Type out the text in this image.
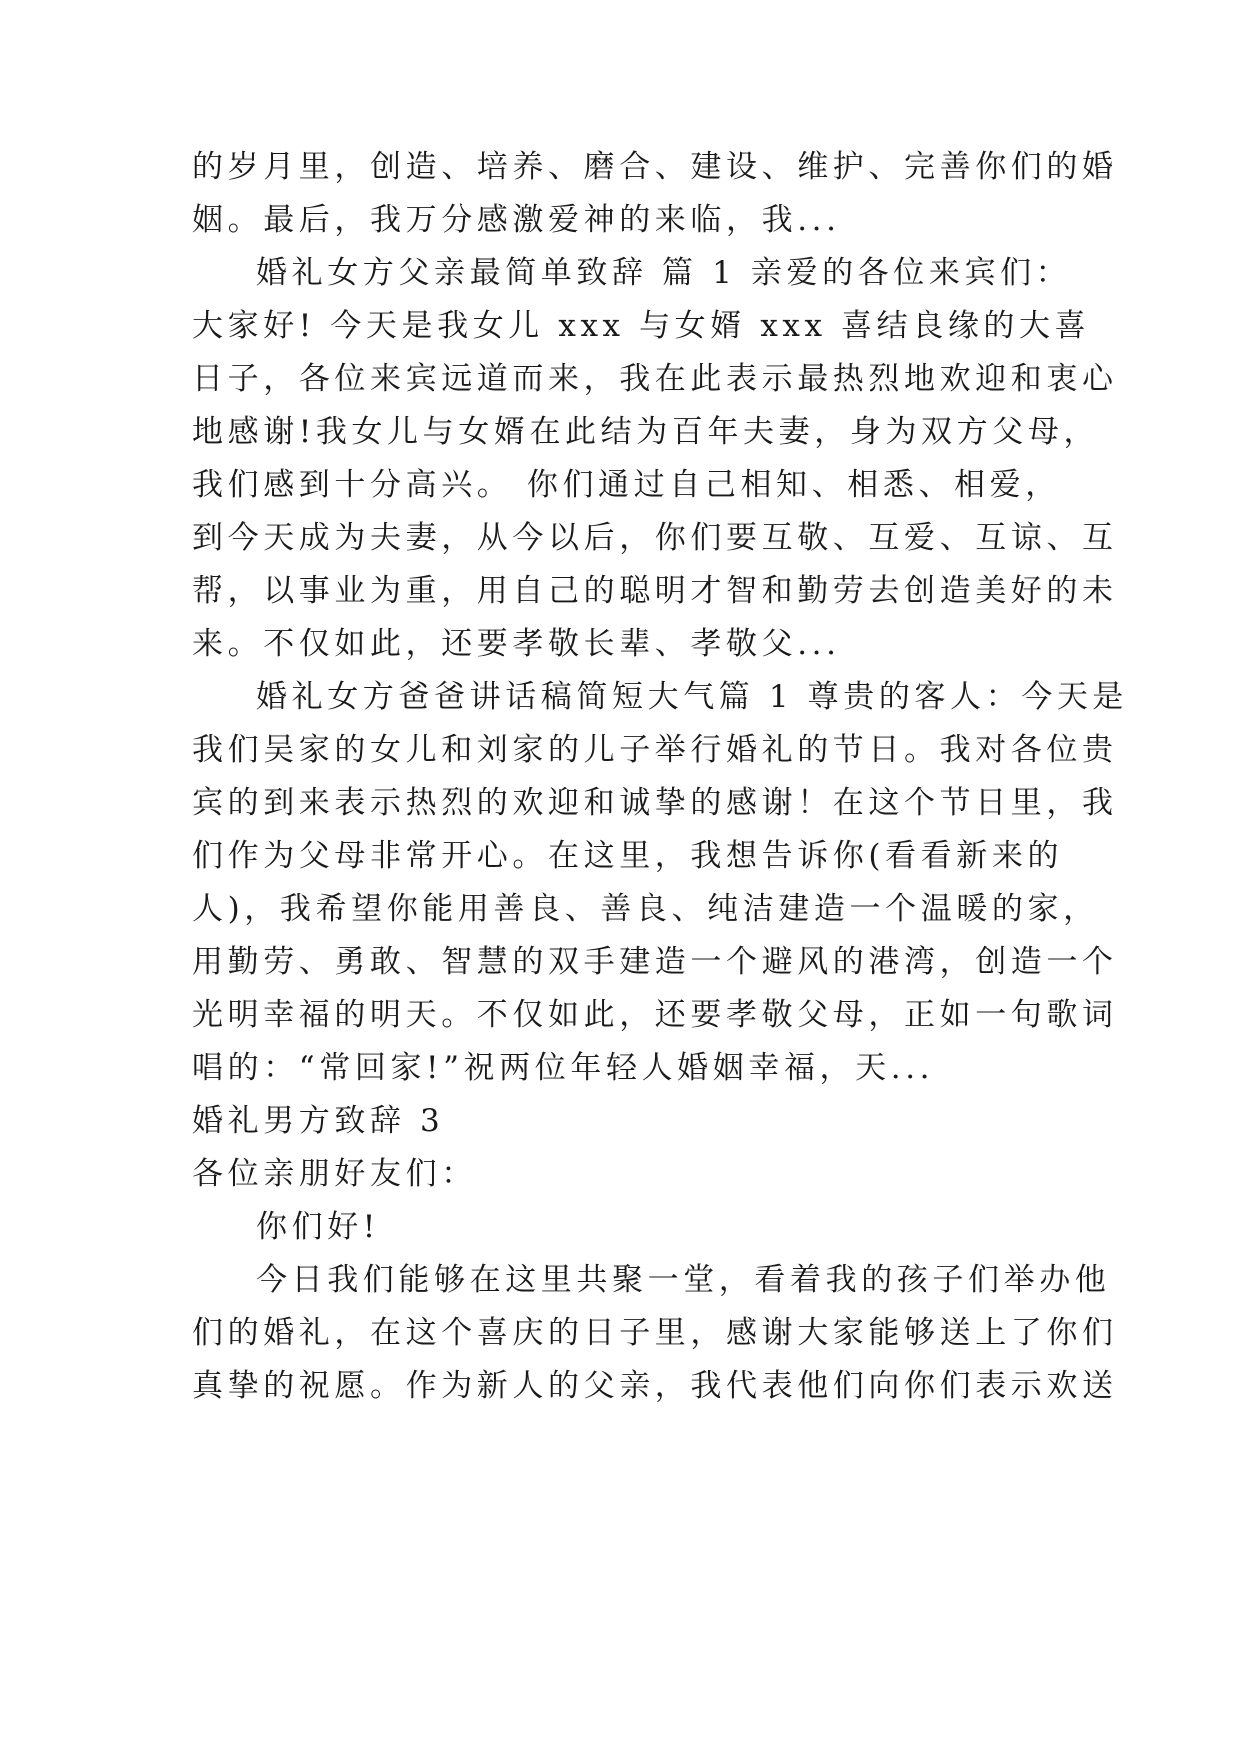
的岁月里，创造、培养、磨合、建设、维护、完善你们的婚
姻。最后，我万分感激爱神的来临，我...
婚礼女方父亲最简单致辞 篇 1 亲爱的各位来宾们：
大家好! 今天是我女儿 xxx 与女婿 xxx 喜结良缘的大喜
日子，各位来宾远道而来，我在此表示最热烈地欢迎和衷心
地感谢!我女儿与女婿在此结为百年夫妻，身为双方父母，
我们感到十分高兴。 你们通过自己相知、相悉、相爱，
到今天成为夫妻，从今以后，你们要互敬、互爱、互谅、互
帮，以事业为重，用自己的聪明才智和勤劳去创造美好的未
来。不仅如此，还要孝敬长辈、孝敬父...
婚礼女方爸爸讲话稿简短大气篇 1 尊贵的客人：今天是
我们吴家的女儿和刘家的儿子举行婚礼的节日。我对各位贵
宾的到来表示热烈的欢迎和诚挚的感谢！在这个节日里，我
们作为父母非常开心。在这里，我想告诉你(看看新来的
人)，我希望你能用善良、善良、纯洁建造一个温暖的家，
用勤劳、勇敢、智慧的双手建造一个避风的港湾，创造一个
光明幸福的明天。不仅如此，还要孝敬父母，正如一句歌词
唱的：“常回家!”祝两位年轻人婚姻幸福，天...
婚礼男方致辞 3
各位亲朋好友们：
你们好!
今日我们能够在这里共聚一堂，看着我的孩子们举办他
们的婚礼，在这个喜庆的日子里，感谢大家能够送上了你们
真挚的祝愿。作为新人的父亲，我代表他们向你们表示欢送
